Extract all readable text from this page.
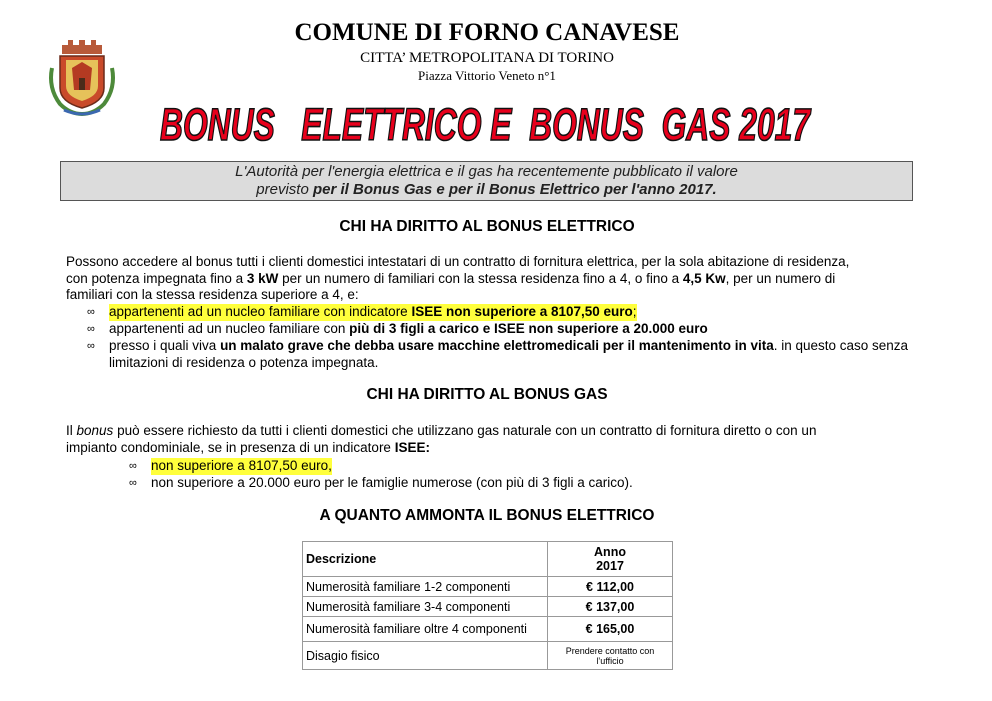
COMUNE DI FORNO CANAVESE
CITTA’ METROPOLITANA DI TORINO
Piazza Vittorio Veneto n°1
BONUS   ELETTRICO E  BONUS  GAS 2017
L'Autorità per l'energia elettrica e il gas ha recentemente pubblicato il valore
previsto per il Bonus Gas e per il Bonus Elettrico per l'anno 2017.
CHI HA DIRITTO AL BONUS ELETTRICO
Possono accedere al bonus tutti i clienti domestici intestatari di un contratto di fornitura elettrica, per la sola abitazione di residenza,
con potenza impegnata fino a 3 kW per un numero di familiari con la stessa residenza fino a 4, o fino a 4,5 Kw, per un numero di
familiari con la stessa residenza superiore a 4, e:
∞ appartenenti ad un nucleo familiare con indicatore ISEE non superiore a 8107,50 euro;
∞ appartenenti ad un nucleo familiare con più di 3 figli a carico e ISEE non superiore a 20.000 euro
∞ presso i quali viva un malato grave che debba usare macchine elettromedicali per il mantenimento in vita. in questo caso senza limitazioni di residenza o potenza impegnata.
CHI HA DIRITTO AL BONUS GAS
Il bonus può essere richiesto da tutti i clienti domestici che utilizzano gas naturale con un contratto di fornitura diretto o con un
impianto condominiale, se in presenza di un indicatore ISEE:
∞ non superiore a 8107,50 euro,
∞ non superiore a 20.000 euro per le famiglie numerose (con più di 3 figli a carico).
A QUANTO AMMONTA IL BONUS ELETTRICO
Descrizione	Anno
2017

Numerosità familiare 1-2 componenti	€ 112,00
Numerosità familiare 3-4 componenti	€ 137,00
Numerosità familiare oltre 4 componenti	€ 165,00
Disagio fisico	Prendere contatto con
l’ufficio
